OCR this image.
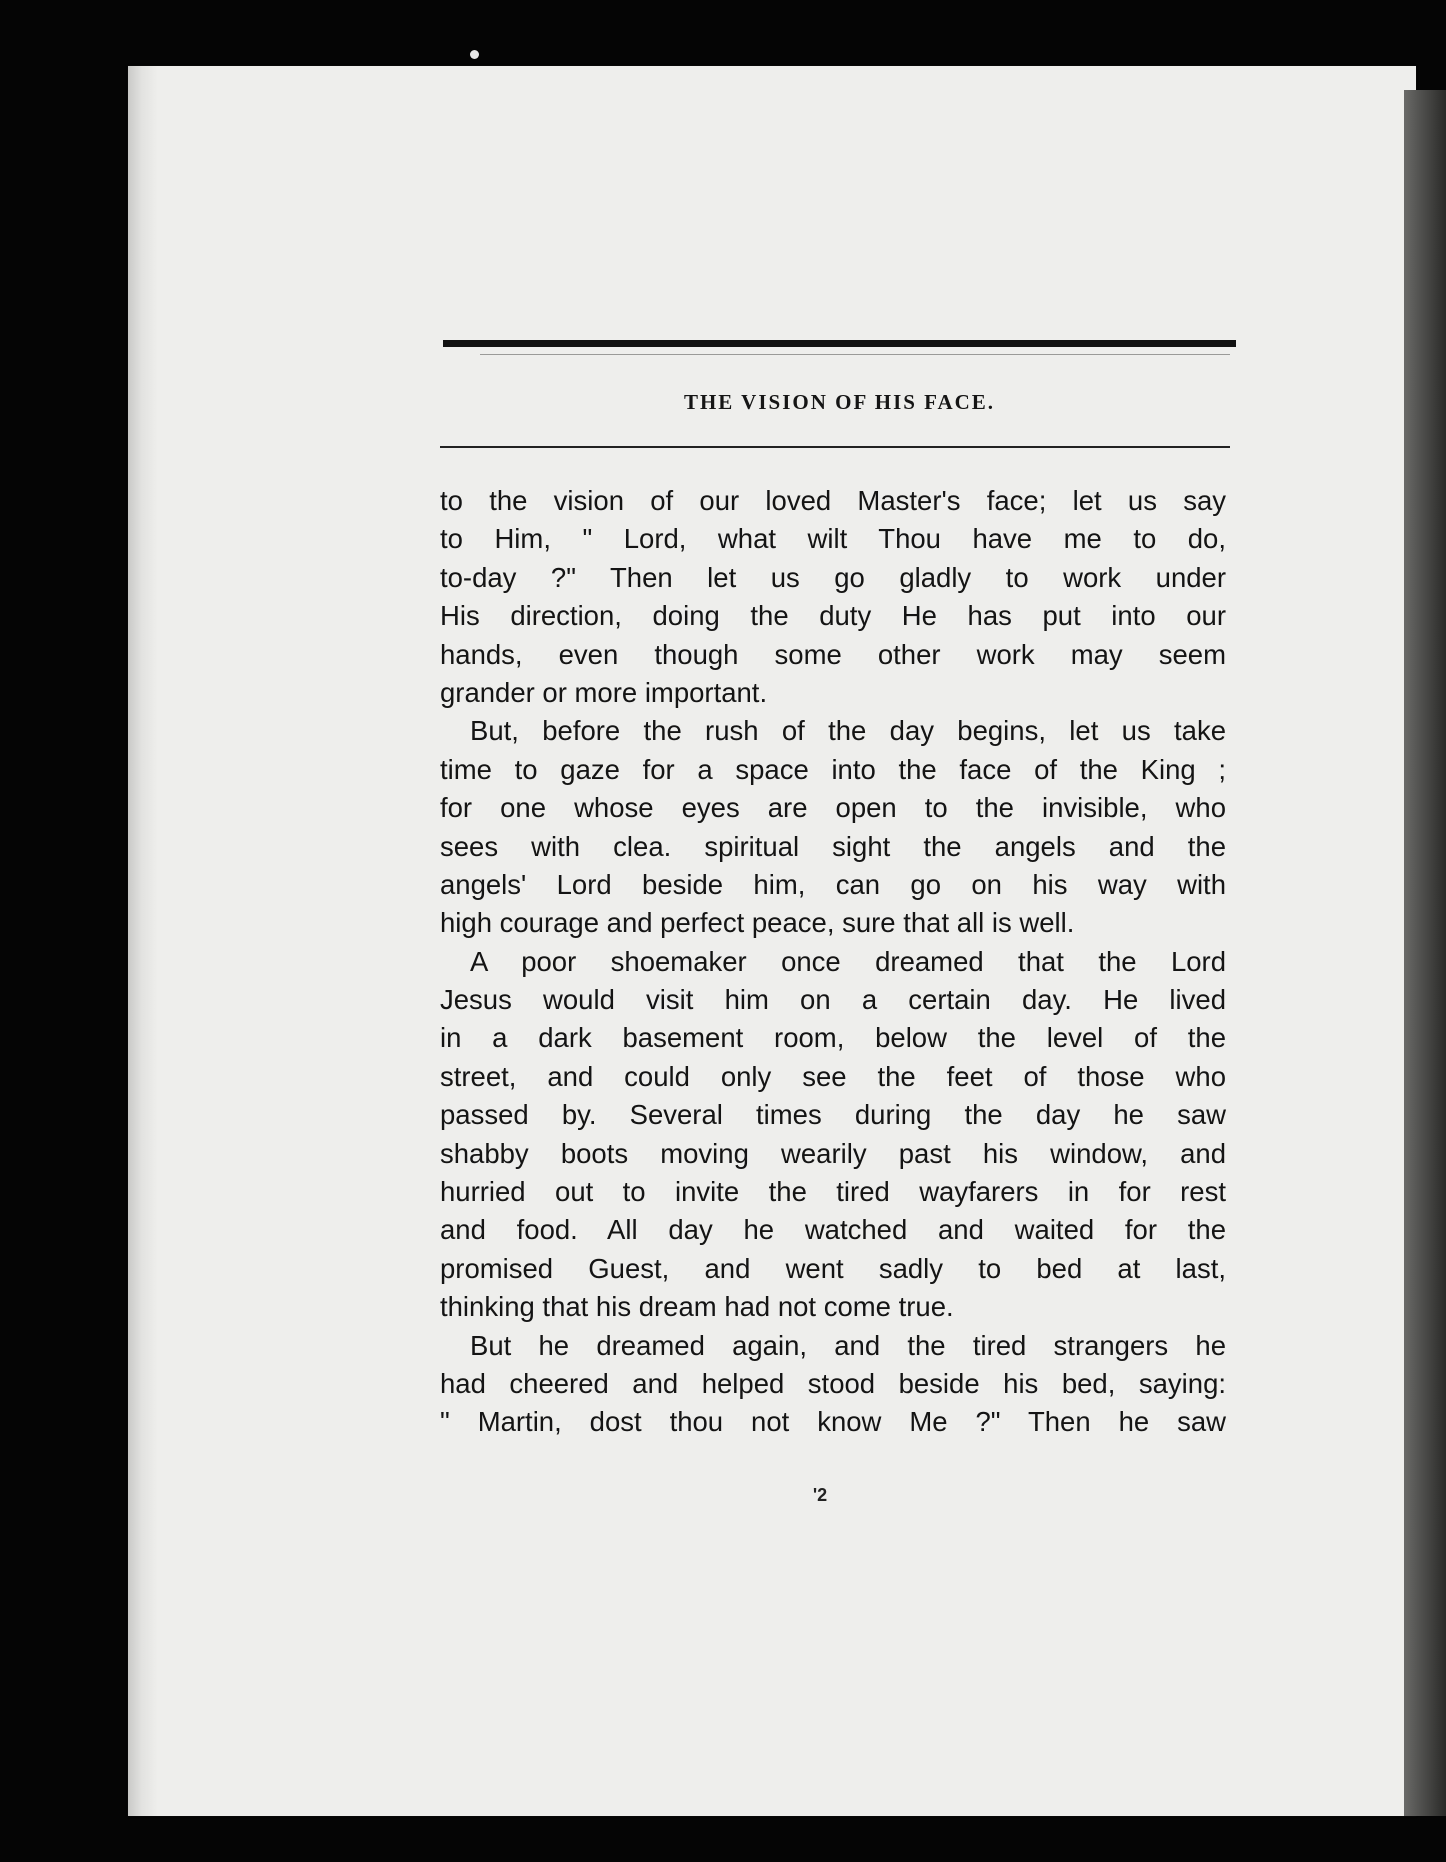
THE VISION OF HIS FACE.
to the vision of our loved Master's face; let us say
to Him, " Lord, what wilt Thou have me to do,
to-day ?" Then let us go gladly to work under
His direction, doing the duty He has put into our
hands, even though some other work may seem
grander or more important.
But, before the rush of the day begins, let us take
time to gaze for a space into the face of the King ;
for one whose eyes are open to the invisible, who
sees with clea. spiritual sight the angels and the
angels' Lord beside him, can go on his way with
high courage and perfect peace, sure that all is well.
A poor shoemaker once dreamed that the Lord
Jesus would visit him on a certain day. He lived
in a dark basement room, below the level of the
street, and could only see the feet of those who
passed by. Several times during the day he saw
shabby boots moving wearily past his window, and
hurried out to invite the tired wayfarers in for rest
and food. All day he watched and waited for the
promised Guest, and went sadly to bed at last,
thinking that his dream had not come true.
But he dreamed again, and the tired strangers he
had cheered and helped stood beside his bed, saying:
" Martin, dost thou not know Me ?" Then he saw
'2
